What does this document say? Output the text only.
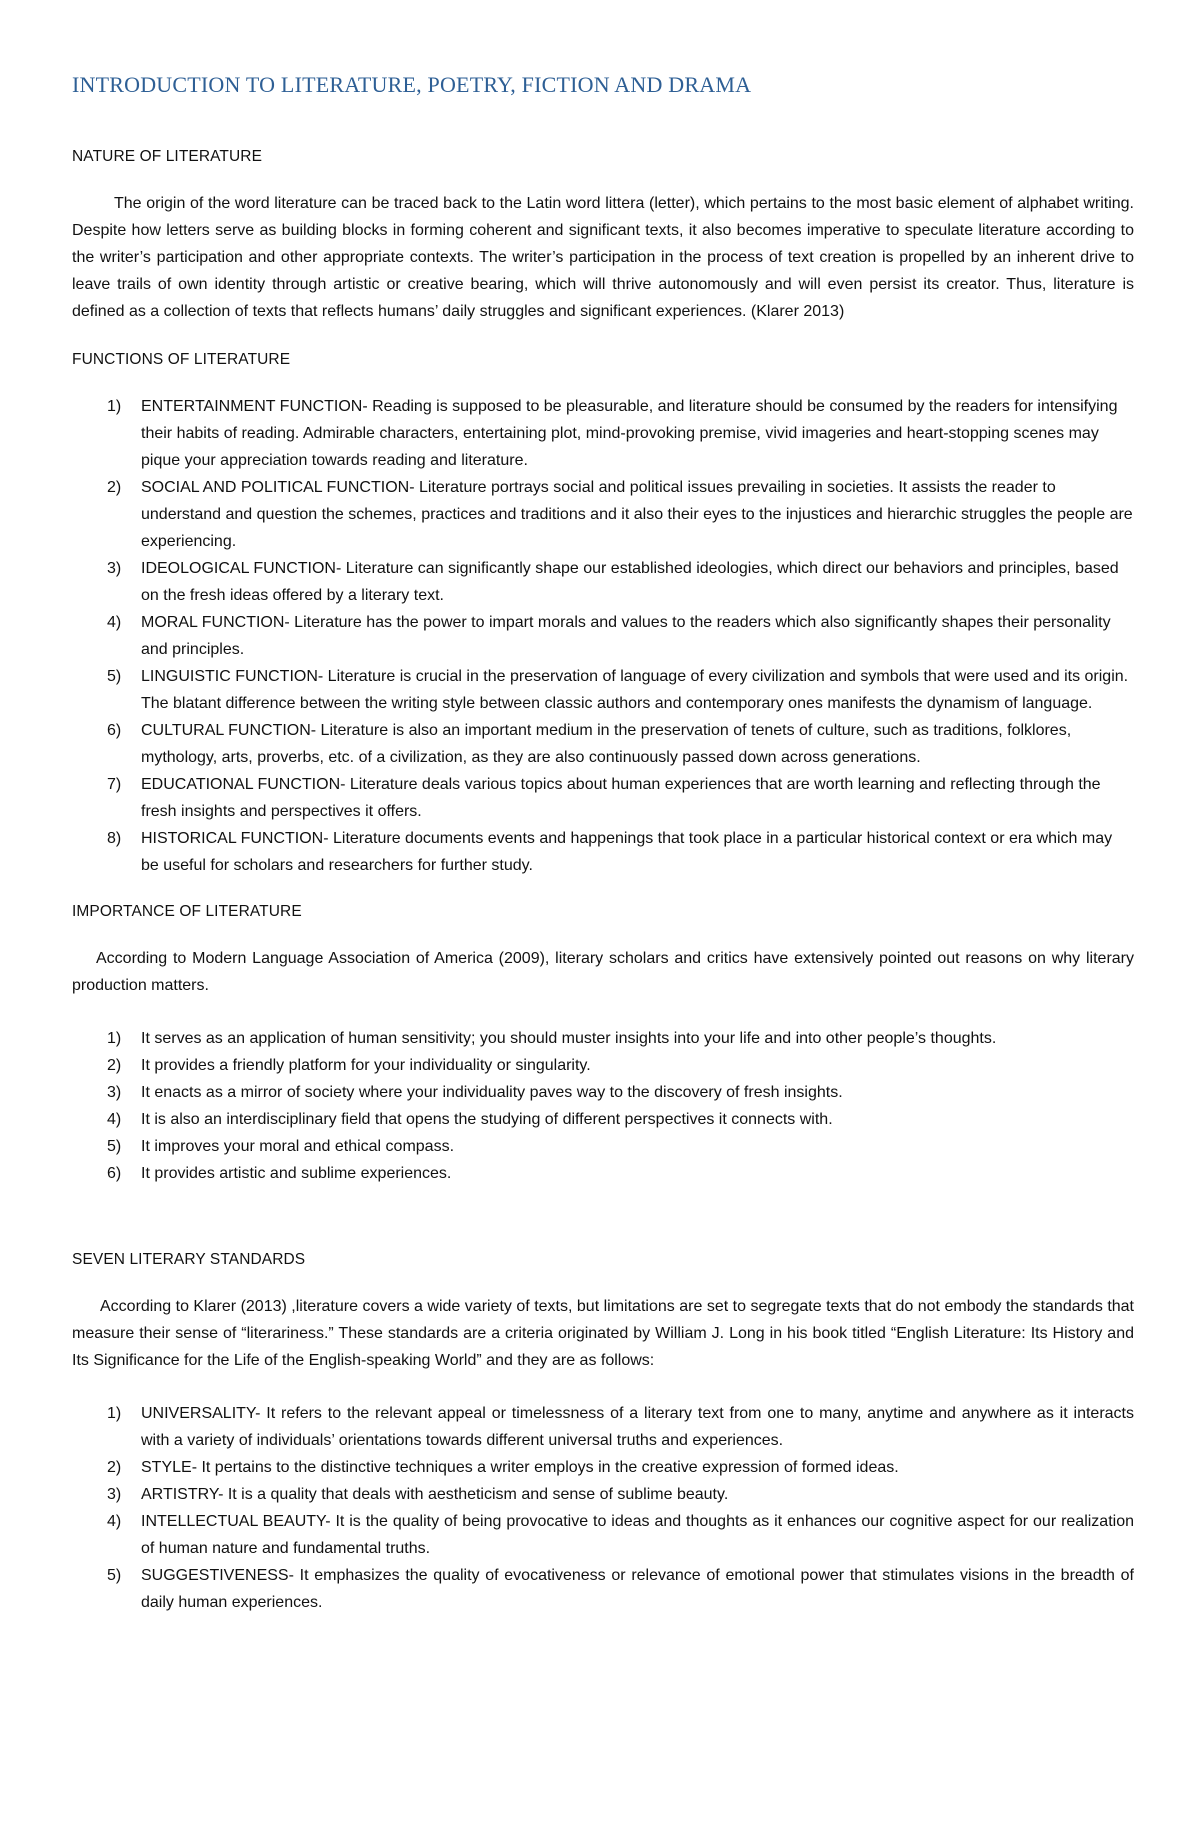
INTRODUCTION TO LITERATURE, POETRY, FICTION AND DRAMA
NATURE OF LITERATURE

The origin of the word literature can be traced back to the Latin word littera (letter), which pertains to the most basic element of alphabet writing. Despite how letters serve as building blocks in forming coherent and significant texts, it also becomes imperative to speculate literature according to the writer’s participation and other appropriate contexts. The writer’s participation in the process of text creation is propelled by an inherent drive to leave trails of own identity through artistic or creative bearing, which will thrive autonomously and will even persist its creator. Thus, literature is defined as a collection of texts that reflects humans’ daily struggles and significant experiences. (Klarer 2013)

FUNCTIONS OF LITERATURE
1) ENTERTAINMENT FUNCTION- Reading is supposed to be pleasurable, and literature should be consumed by the readers for intensifying their habits of reading. Admirable characters, entertaining plot, mind-provoking premise, vivid imageries and heart-stopping scenes may pique your appreciation towards reading and literature.
2) SOCIAL AND POLITICAL FUNCTION- Literature portrays social and political issues prevailing in societies. It assists the reader to understand and question the schemes, practices and traditions and it also their eyes to the injustices and hierarchic struggles the people are experiencing.
3) IDEOLOGICAL FUNCTION- Literature can significantly shape our established ideologies, which direct our behaviors and principles, based on the fresh ideas offered by a literary text.
4) MORAL FUNCTION- Literature has the power to impart morals and values to the readers which also significantly shapes their personality and principles.
5) LINGUISTIC FUNCTION- Literature is crucial in the preservation of language of every civilization and symbols that were used and its origin. The blatant difference between the writing style between classic authors and contemporary ones manifests the dynamism of language.
6) CULTURAL FUNCTION- Literature is also an important medium in the preservation of tenets of culture, such as traditions, folklores, mythology, arts, proverbs, etc. of a civilization, as they are also continuously passed down across generations.
7) EDUCATIONAL FUNCTION- Literature deals various topics about human experiences that are worth learning and reflecting through the fresh insights and perspectives it offers.
8) HISTORICAL FUNCTION- Literature documents events and happenings that took place in a particular historical context or era which may be useful for scholars and researchers for further study.
IMPORTANCE OF LITERATURE

According to Modern Language Association of America (2009), literary scholars and critics have extensively pointed out reasons on why literary production matters.

1) It serves as an application of human sensitivity; you should muster insights into your life and into other people’s thoughts.
2) It provides a friendly platform for your individuality or singularity.
3) It enacts as a mirror of society where your individuality paves way to the discovery of fresh insights.
4) It is also an interdisciplinary field that opens the studying of different perspectives it connects with.
5) It improves your moral and ethical compass.
6) It provides artistic and sublime experiences.
SEVEN LITERARY STANDARDS

According to Klarer (2013) ,literature covers a wide variety of texts, but limitations are set to segregate texts that do not embody the standards that measure their sense of “literariness.” These standards are a criteria originated by William J. Long in his book titled “English Literature: Its History and Its Significance for the Life of the English-speaking World” and they are as follows:

1) UNIVERSALITY- It refers to the relevant appeal or timelessness of a literary text from one to many, anytime and anywhere as it interacts with a variety of individuals’ orientations towards different universal truths and experiences.
2) STYLE- It pertains to the distinctive techniques a writer employs in the creative expression of formed ideas.
3) ARTISTRY- It is a quality that deals with aestheticism and sense of sublime beauty.
4) INTELLECTUAL BEAUTY- It is the quality of being provocative to ideas and thoughts as it enhances our cognitive aspect for our realization of human nature and fundamental truths.
5) SUGGESTIVENESS- It emphasizes the quality of evocativeness or relevance of emotional power that stimulates visions in the breadth of daily human experiences.
